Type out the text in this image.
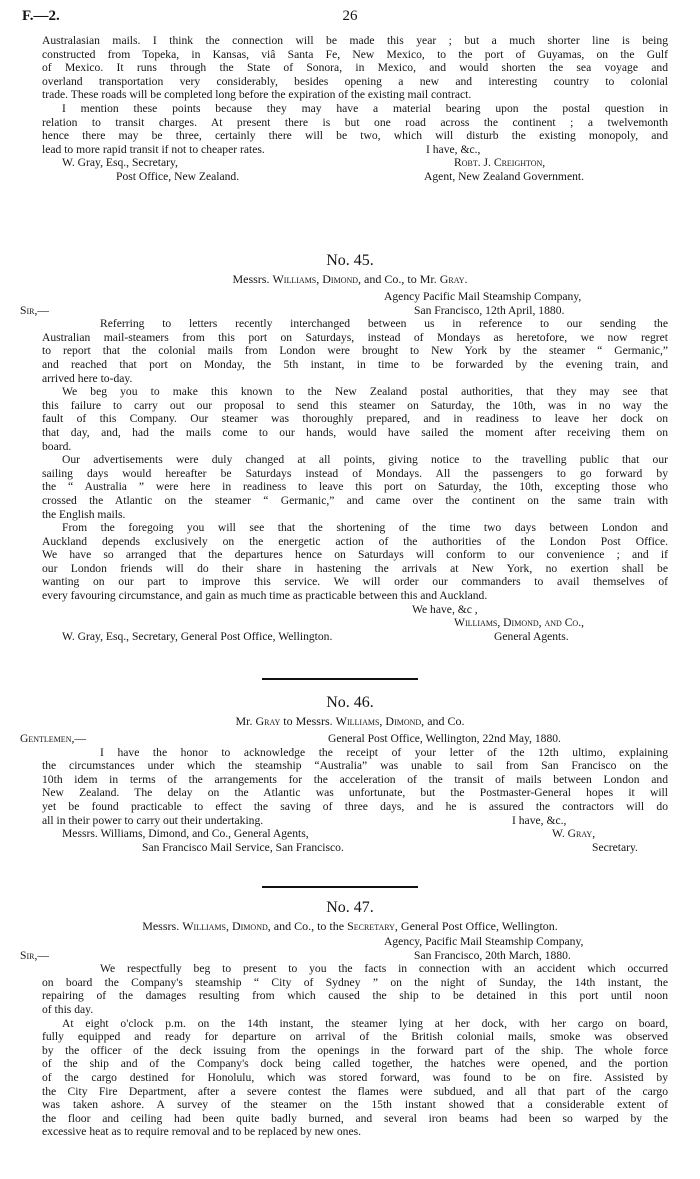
F.—2.	26
Australasian mails. I think the connection will be made this year ; but a much shorter line is being
constructed from Topeka, in Kansas, viâ Santa Fe, New Mexico, to the port of Guyamas, on the Gulf
of Mexico. It runs through the State of Sonora, in Mexico, and would shorten the sea voyage and
overland transportation very considerably, besides opening a new and interesting country to colonial
trade. These roads will be completed long before the expiration of the existing mail contract.
I mention these points because they may have a material bearing upon the postal question in
relation to transit charges. At present there is but one road across the continent ; a twelvemonth
hence there may be three, certainly there will be two, which will disturb the existing monopoly, and
lead to more rapid transit if not to cheaper rates.	I have, &c.,
W. Gray, Esq., Secretary,	Robt. J. Creighton,
Post Office, New Zealand.	Agent, New Zealand Government.
No. 45.
Messrs. Williams, Dimond, and Co., to Mr. Gray.
Agency Pacific Mail Steamship Company,
Sir,—	San Francisco, 12th April, 1880.
Referring to letters recently interchanged between us in reference to our sending the
Australian mail-steamers from this port on Saturdays, instead of Mondays as heretofore, we now regret
to report that the colonial mails from London were brought to New York by the steamer “ Germanic,”
and reached that port on Monday, the 5th instant, in time to be forwarded by the evening train, and
arrived here to-day.
We beg you to make this known to the New Zealand postal authorities, that they may see that
this failure to carry out our proposal to send this steamer on Saturday, the 10th, was in no way the
fault of this Company. Our steamer was thoroughly prepared, and in readiness to leave her dock on
that day, and, had the mails come to our hands, would have sailed the moment after receiving them on
board.
Our advertisements were duly changed at all points, giving notice to the travelling public that our
sailing days would hereafter be Saturdays instead of Mondays. All the passengers to go forward by
the “ Australia ” were here in readiness to leave this port on Saturday, the 10th, excepting those who
crossed the Atlantic on the steamer “ Germanic,” and came over the continent on the same train with
the English mails.
From the foregoing you will see that the shortening of the time two days between London and
Auckland depends exclusively on the energetic action of the authorities of the London Post Office.
We have so arranged that the departures hence on Saturdays will conform to our convenience ; and if
our London friends will do their share in hastening the arrivals at New York, no exertion shall be
wanting on our part to improve this service. We will order our commanders to avail themselves of
every favouring circumstance, and gain as much time as practicable between this and Auckland.
We have, &c ,
Williams, Dimond, and Co.,
W. Gray, Esq., Secretary, General Post Office, Wellington.	General Agents.
No. 46.
Mr. Gray to Messrs. Williams, Dimond, and Co.
Gentlemen,—	General Post Office, Wellington, 22nd May, 1880.
I have the honor to acknowledge the receipt of your letter of the 12th ultimo, explaining
the circumstances under which the steamship “Australia” was unable to sail from San Francisco on the
10th idem in terms of the arrangements for the acceleration of the transit of mails between London and
New Zealand. The delay on the Atlantic was unfortunate, but the Postmaster-General hopes it will
yet be found practicable to effect the saving of three days, and he is assured the contractors will do
all in their power to carry out their undertaking.	I have, &c.,
Messrs. Williams, Dimond, and Co., General Agents,	W. Gray,
San Francisco Mail Service, San Francisco.	Secretary.
No. 47.
Messrs. Williams, Dimond, and Co., to the Secretary, General Post Office, Wellington.
Agency, Pacific Mail Steamship Company,
Sir,—	San Francisco, 20th March, 1880.
We respectfully beg to present to you the facts in connection with an accident which occurred
on board the Company's steamship “ City of Sydney ” on the night of Sunday, the 14th instant, the
repairing of the damages resulting from which caused the ship to be detained in this port until noon
of this day.
At eight o'clock p.m. on the 14th instant, the steamer lying at her dock, with her cargo on board,
fully equipped and ready for departure on arrival of the British colonial mails, smoke was observed
by the officer of the deck issuing from the openings in the forward part of the ship. The whole force
of the ship and of the Company's dock being called together, the hatches were opened, and the portion
of the cargo destined for Honolulu, which was stored forward, was found to be on fire. Assisted by
the City Fire Department, after a severe contest the flames were subdued, and all that part of the cargo
was taken ashore. A survey of the steamer on the 15th instant showed that a considerable extent of
the floor and ceiling had been quite badly burned, and several iron beams had been so warped by the
excessive heat as to require removal and to be replaced by new ones.
